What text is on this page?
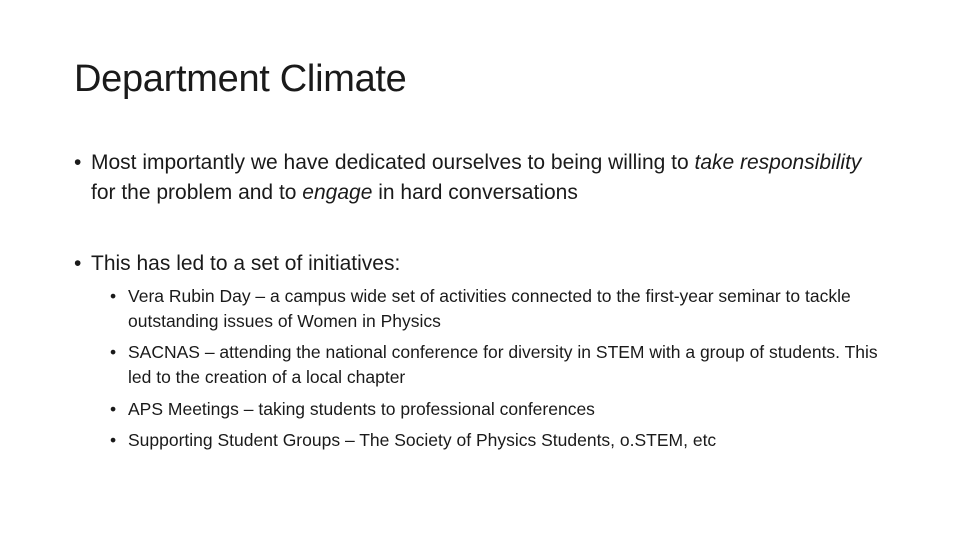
Department Climate
• Most importantly we have dedicated ourselves to being willing to take responsibility for the problem and to engage in hard conversations
• This has led to a set of initiatives:
• Vera Rubin Day – a campus wide set of activities connected to the first-year seminar to tackle outstanding issues of Women in Physics
• SACNAS – attending the national conference for diversity in STEM with a group of students. This led to the creation of a local chapter
• APS Meetings – taking students to professional conferences
• Supporting Student Groups – The Society of Physics Students, o.STEM, etc
